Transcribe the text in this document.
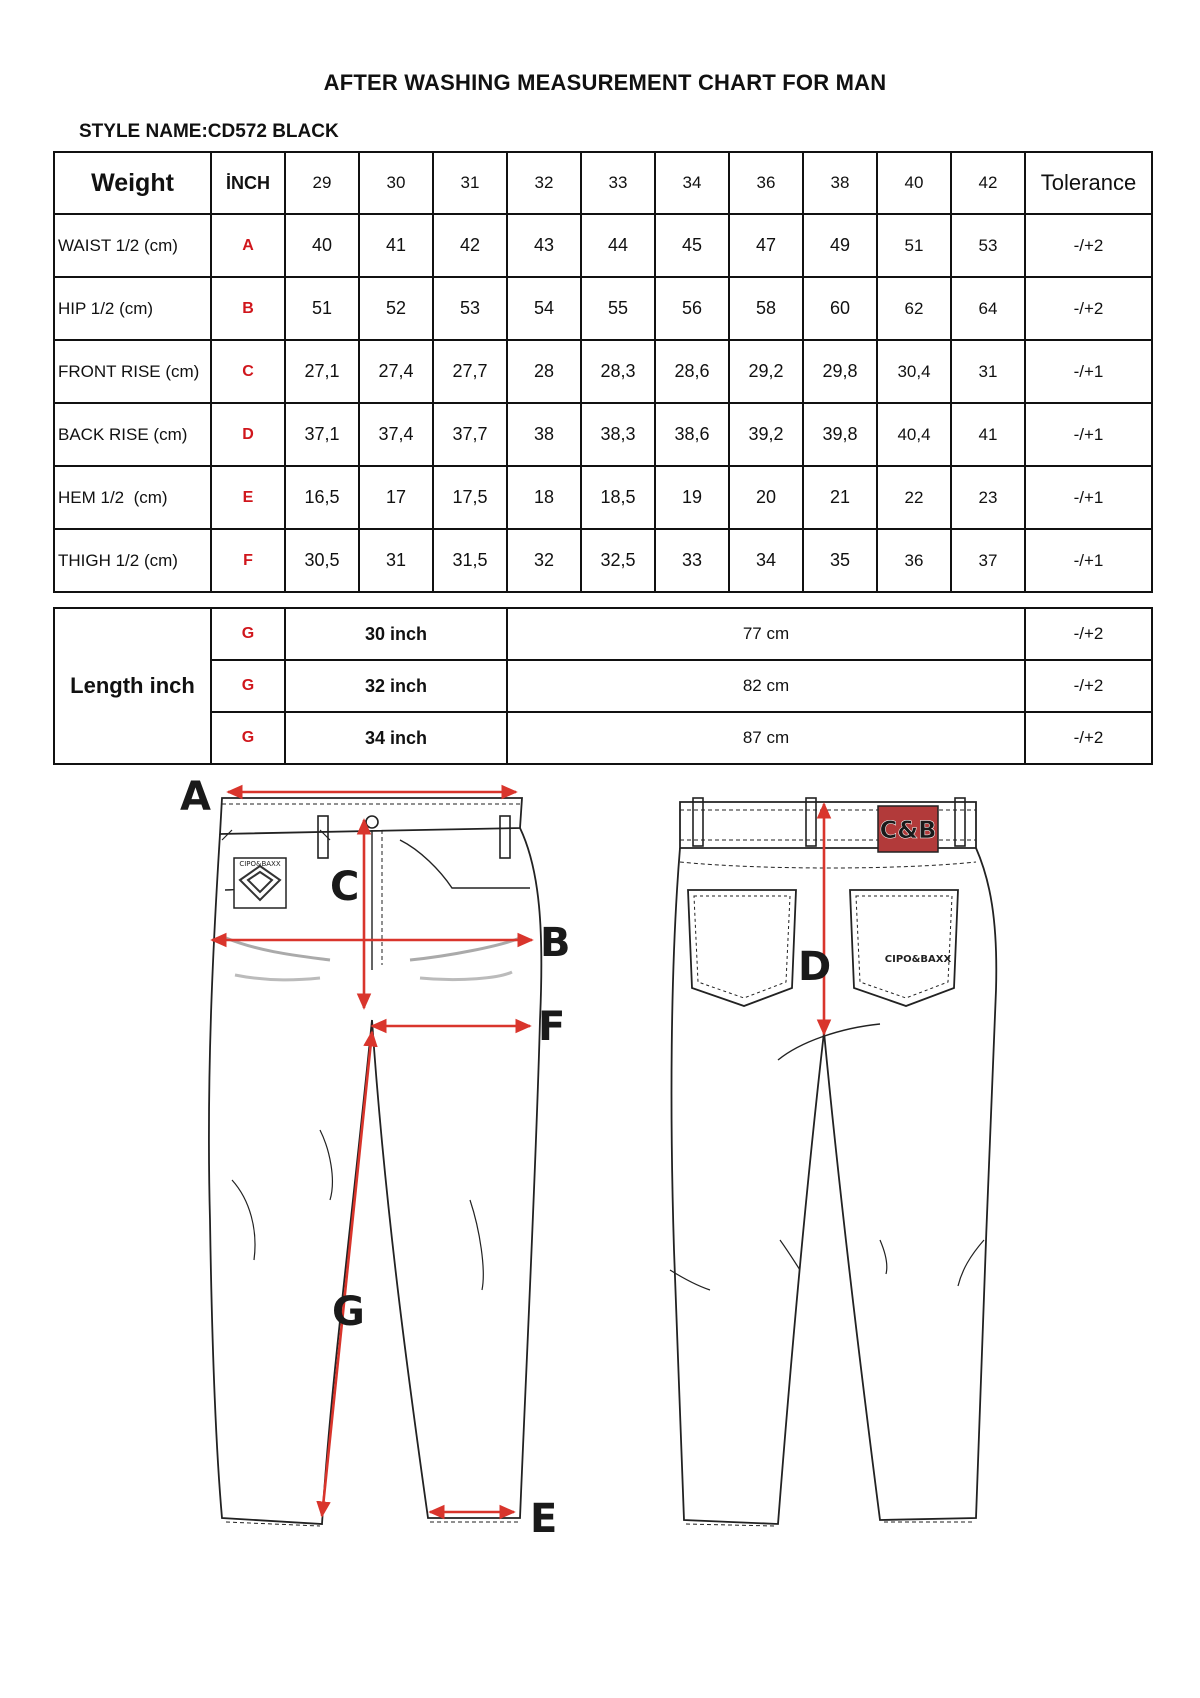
AFTER WASHING MEASUREMENT CHART FOR MAN
STYLE NAME:CD572 BLACK
Weight	İNCH	29	30	31	32	33	34	36	38	40	42	Tolerance
WAIST 1/2 (cm)	A	40	41	42	43	44	45	47	49	51	53	-/+2
HIP 1/2 (cm)	B	51	52	53	54	55	56	58	60	62	64	-/+2
FRONT RISE (cm)	C	27,1	27,4	27,7	28	28,3	28,6	29,2	29,8	30,4	31	-/+1
BACK RISE (cm)	D	37,1	37,4	37,7	38	38,3	38,6	39,2	39,8	40,4	41	-/+1
HEM 1/2  (cm)	E	16,5	17	17,5	18	18,5	19	20	21	22	23	-/+1
THIGH 1/2 (cm)	F	30,5	31	31,5	32	32,5	33	34	35	36	37	-/+1
Length inch	G	30 inch	77 cm	-/+2
	G	32 inch	82 cm	-/+2
	G	34 inch	87 cm	-/+2
CIPO&BAXX
A
C
B
F
G
E
C&B
CIPO&BAXX
D
